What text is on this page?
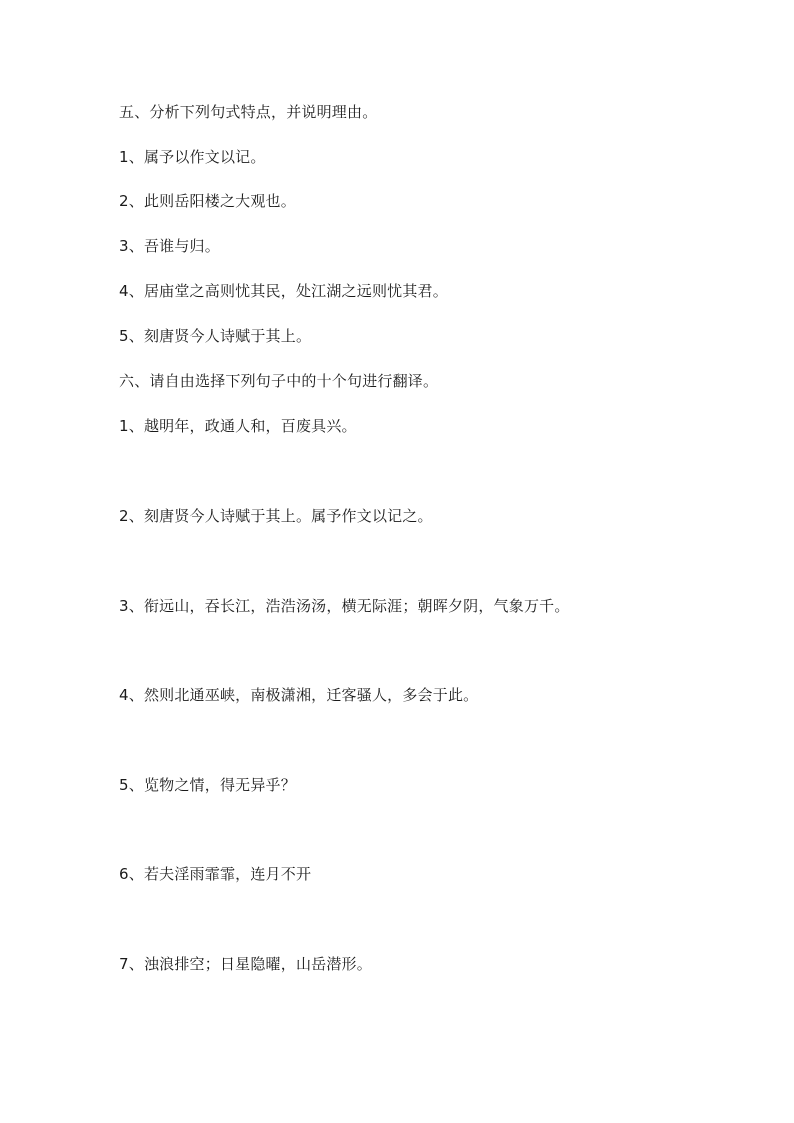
五、分析下列句式特点，并说明理由。
1、属予以作文以记。
2、此则岳阳楼之大观也。
3、吾谁与归。
4、居庙堂之高则忧其民，处江湖之远则忧其君。
5、刻唐贤今人诗赋于其上。
六、请自由选择下列句子中的十个句进行翻译。
1、越明年，政通人和，百废具兴。
2、刻唐贤今人诗赋于其上。属予作文以记之。
3、衔远山，吞长江，浩浩汤汤，横无际涯；朝晖夕阴，气象万千。
4、然则北通巫峡，南极潇湘，迁客骚人，多会于此。
5、览物之情，得无异乎？
6、若夫淫雨霏霏，连月不开
7、浊浪排空；日星隐曜，山岳潜形。
